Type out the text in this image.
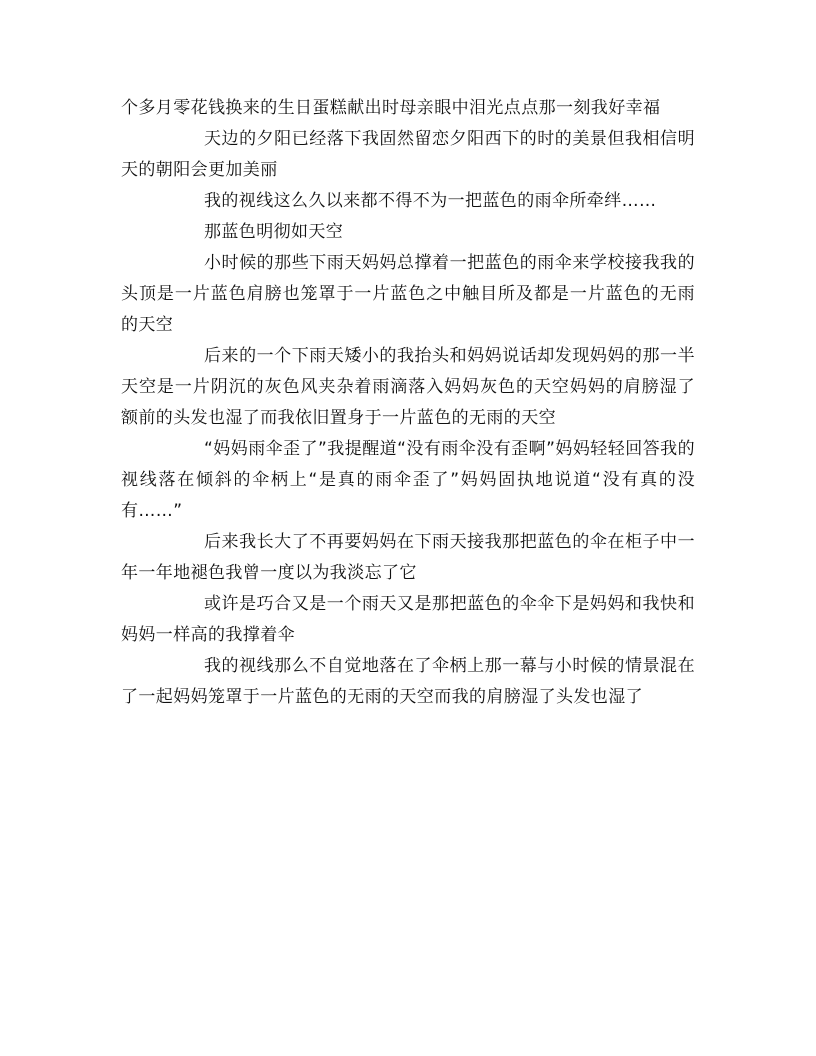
个多月零花钱换来的生日蛋糕献出时母亲眼中泪光点点那一刻我好幸福

天边的夕阳已经落下我固然留恋夕阳西下的时的美景但我相信明天的朝阳会更加美丽

我的视线这么久以来都不得不为一把蓝色的雨伞所牵绊……

那蓝色明彻如天空

小时候的那些下雨天妈妈总撑着一把蓝色的雨伞来学校接我我的头顶是一片蓝色肩膀也笼罩于一片蓝色之中触目所及都是一片蓝色的无雨的天空

后来的一个下雨天矮小的我抬头和妈妈说话却发现妈妈的那一半天空是一片阴沉的灰色风夹杂着雨滴落入妈妈灰色的天空妈妈的肩膀湿了额前的头发也湿了而我依旧置身于一片蓝色的无雨的天空

“妈妈雨伞歪了”我提醒道“没有雨伞没有歪啊”妈妈轻轻回答我的视线落在倾斜的伞柄上“是真的雨伞歪了”妈妈固执地说道“没有真的没有……”

后来我长大了不再要妈妈在下雨天接我那把蓝色的伞在柜子中一年一年地褪色我曾一度以为我淡忘了它

或许是巧合又是一个雨天又是那把蓝色的伞伞下是妈妈和我快和妈妈一样高的我撑着伞

我的视线那么不自觉地落在了伞柄上那一幕与小时候的情景混在了一起妈妈笼罩于一片蓝色的无雨的天空而我的肩膀湿了头发也湿了
